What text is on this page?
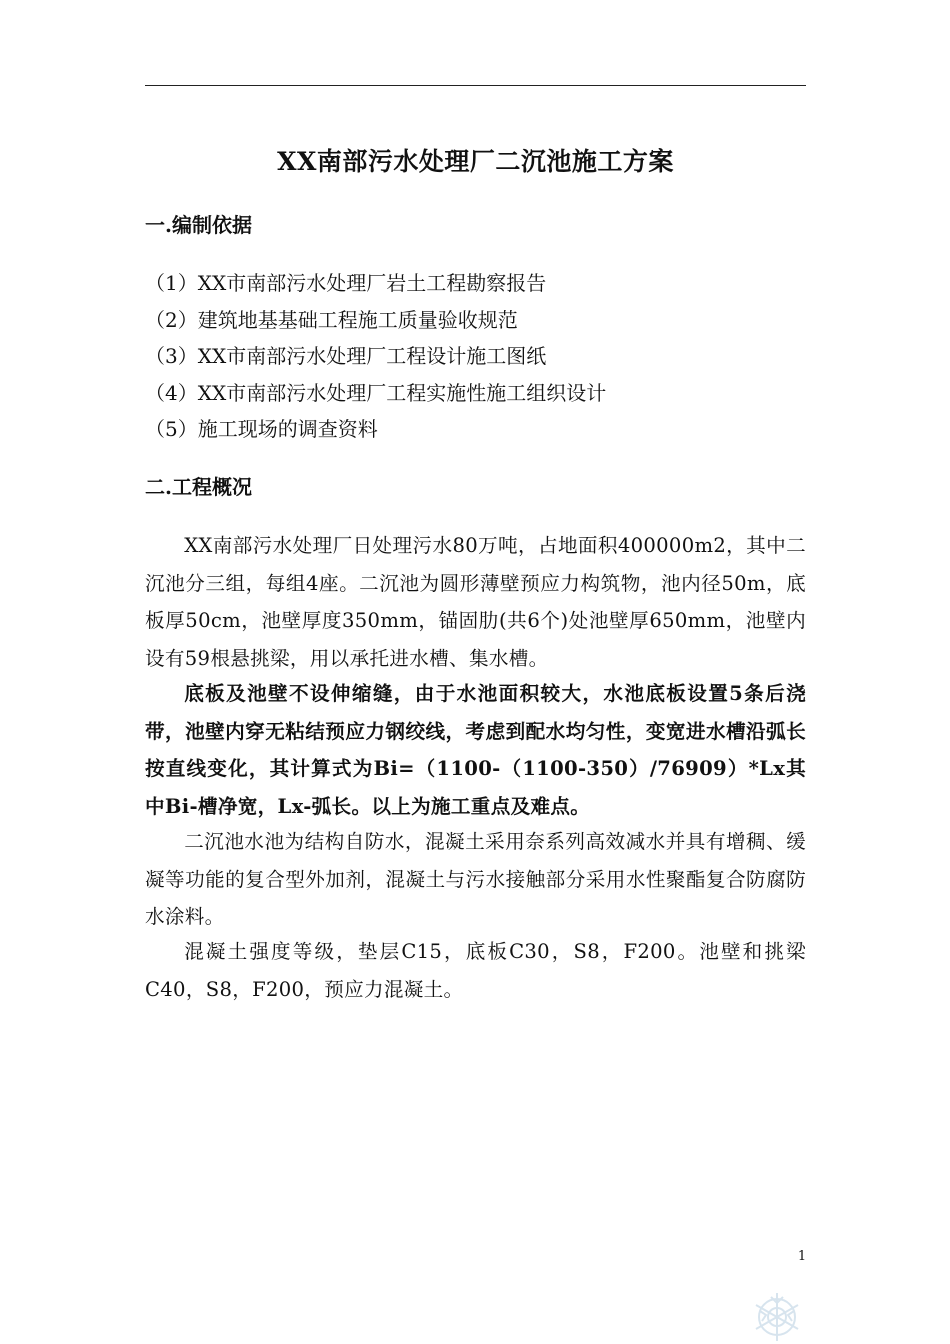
XX南部污水处理厂二沉池施工方案
一.编制依据
（1）XX市南部污水处理厂岩土工程勘察报告
（2）建筑地基基础工程施工质量验收规范
（3）XX市南部污水处理厂工程设计施工图纸
（4）XX市南部污水处理厂工程实施性施工组织设计
（5）施工现场的调查资料
二.工程概况

XX南部污水处理厂日处理污水80万吨，占地面积400000m2，其中二沉池分三组，每组4座。二沉池为圆形薄壁预应力构筑物，池内径50m，底板厚50cm，池壁厚度350mm，锚固肋(共6个)处池壁厚650mm，池壁内设有59根悬挑梁，用以承托进水槽、集水槽。

底板及池壁不设伸缩缝，由于水池面积较大，水池底板设置5条后浇带，池壁内穿无粘结预应力钢绞线，考虑到配水均匀性，变宽进水槽沿弧长按直线变化，其计算式为Bi=（1100-（1100-350）/76909）*Lx其中Bi-槽净宽，Lx-弧长。以上为施工重点及难点。

二沉池水池为结构自防水，混凝土采用奈系列高效减水并具有增稠、缓凝等功能的复合型外加剂，混凝土与污水接触部分采用水性聚酯复合防腐防水涂料。

混凝土强度等级，垫层C15，底板C30，S8，F200。池壁和挑梁C40，S8，F200，预应力混凝土。

1
